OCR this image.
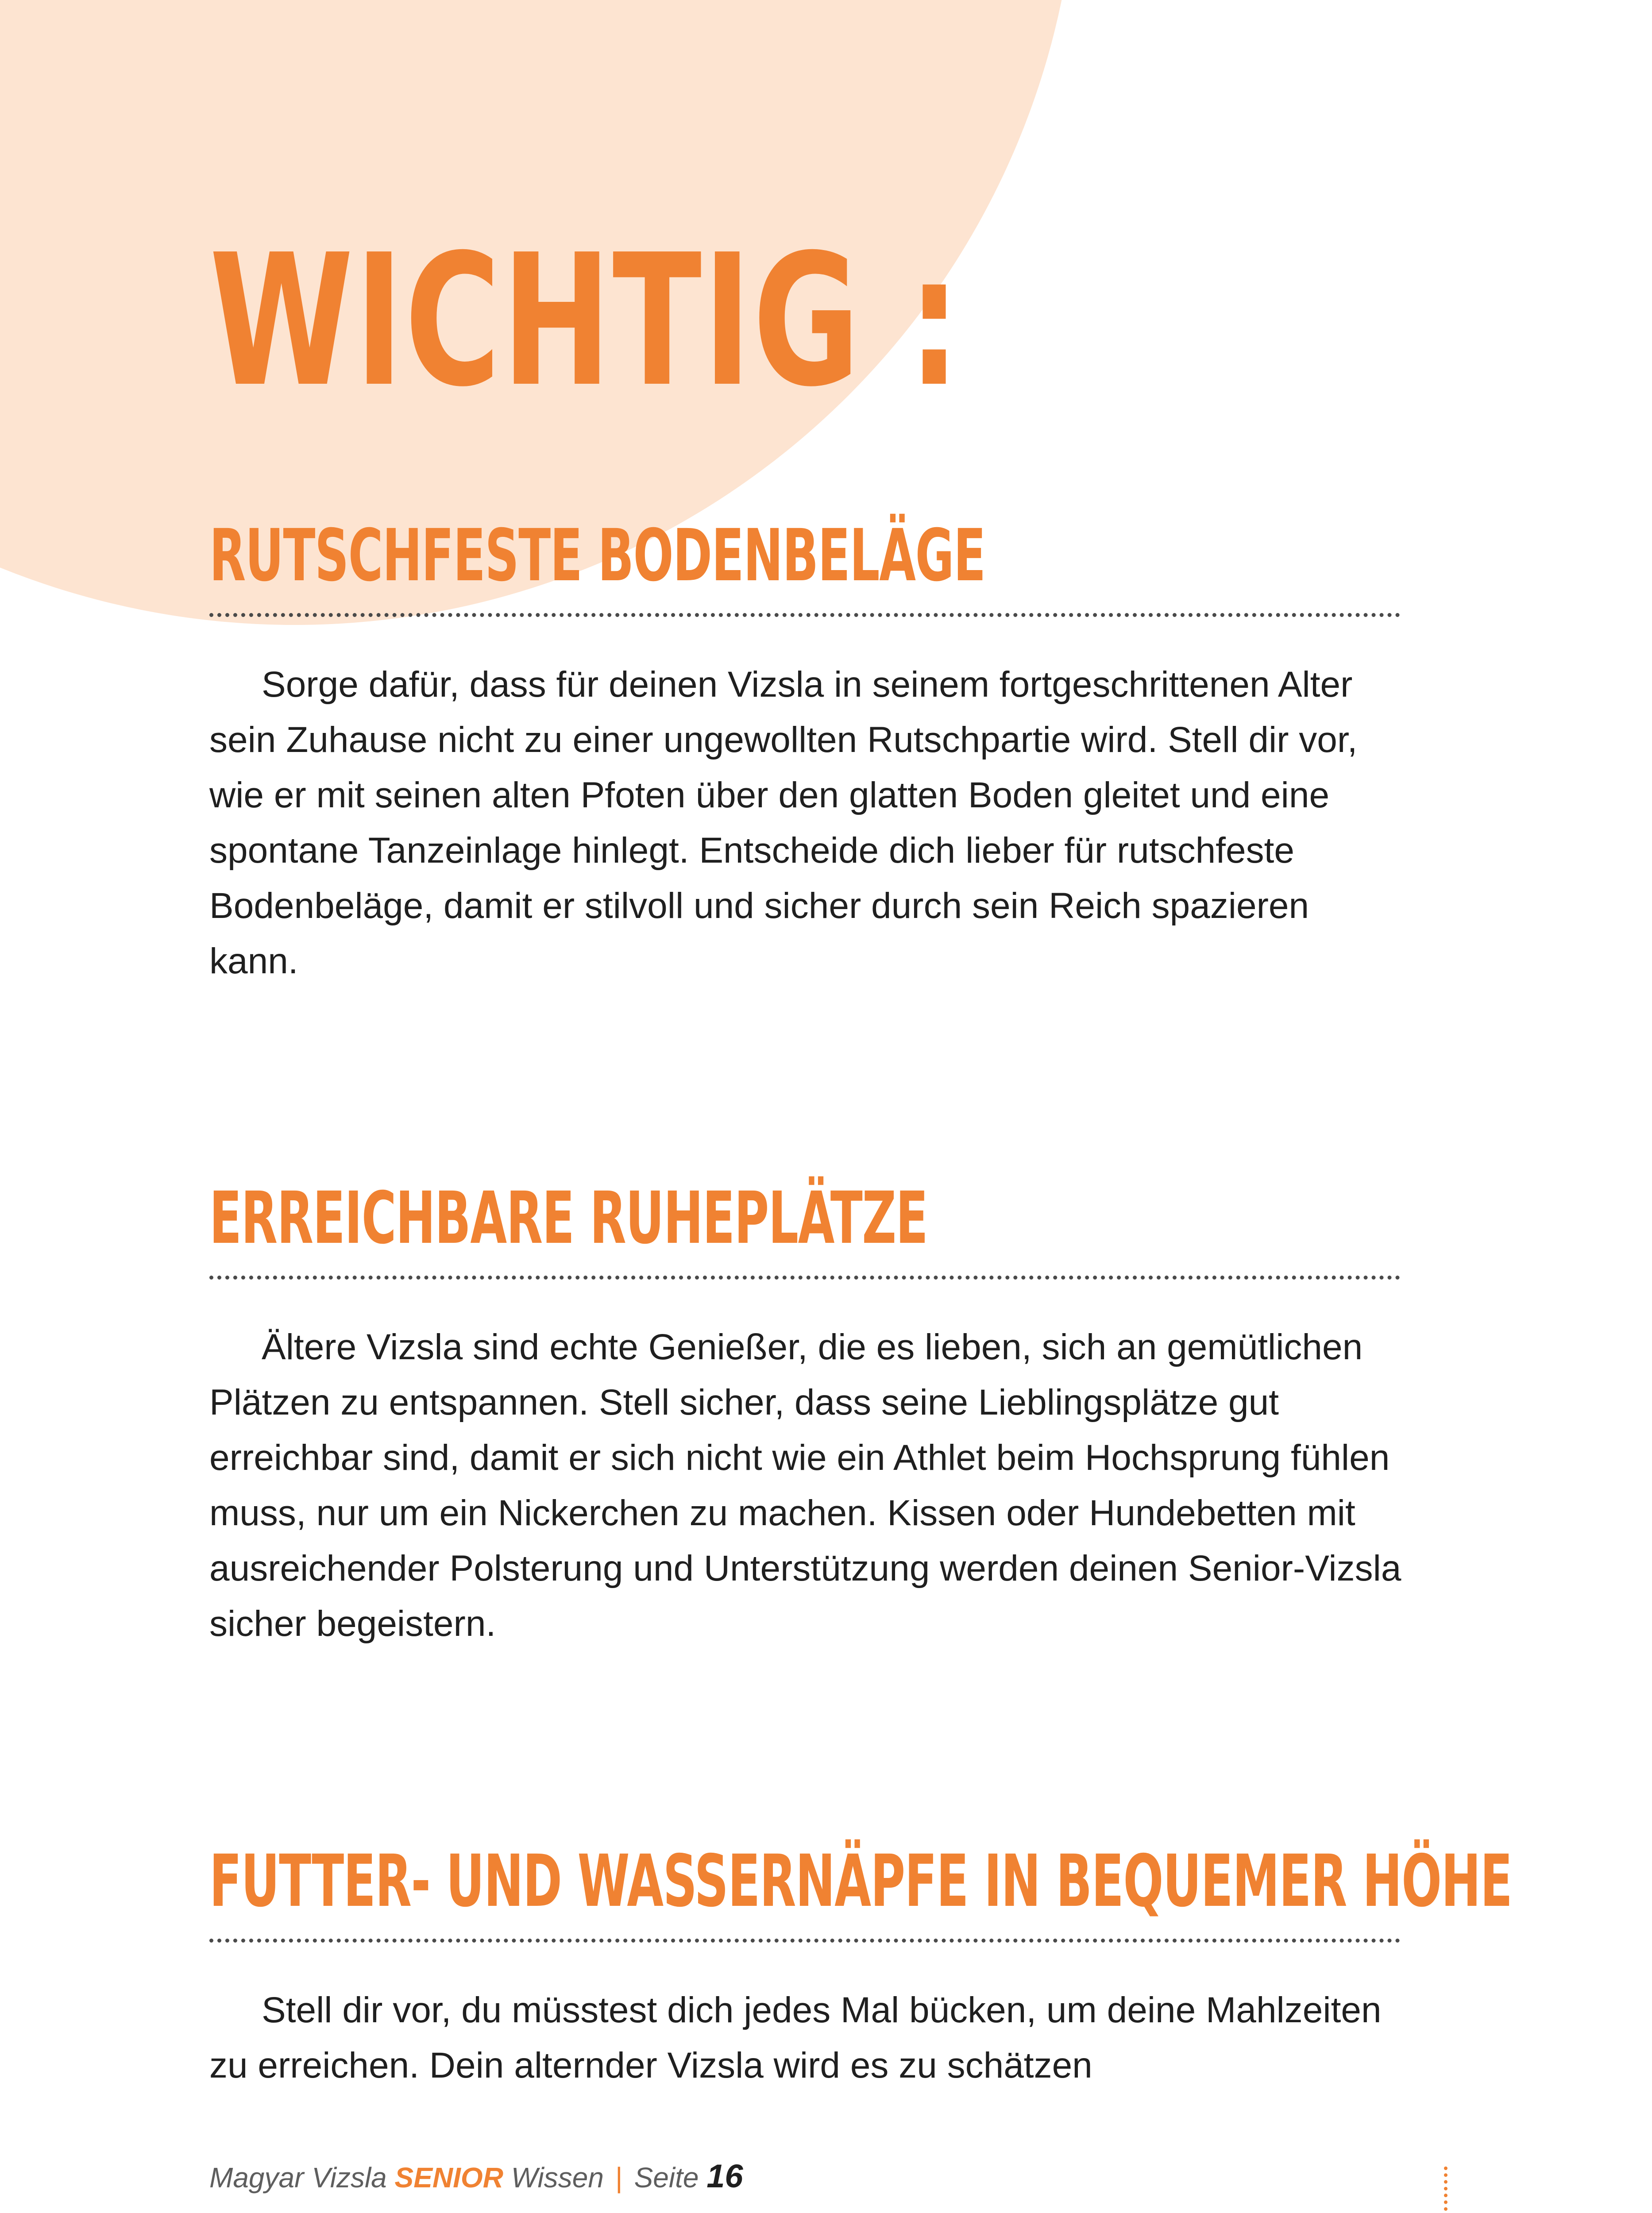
WICHTIG :
RUTSCHFESTE BODENBELÄGE

Sorge dafür, dass für deinen Vizsla in seinem fortgeschrittenen Alter sein Zuhause nicht zu einer ungewollten Rutschpartie wird. Stell dir vor, wie er mit seinen alten Pfoten über den glatten Boden gleitet und eine spontane Tanzeinlage hinlegt. Entscheide dich lieber für rutschfeste Bodenbeläge, damit er stilvoll und sicher durch sein Reich spazieren kann.

ERREICHBARE RUHEPLÄTZE

Ältere Vizsla sind echte Genießer, die es lieben, sich an gemütlichen Plätzen zu entspannen. Stell sicher, dass seine Lieblingsplätze gut erreichbar sind, damit er sich nicht wie ein Athlet beim Hochsprung fühlen muss, nur um ein Nickerchen zu machen. Kissen oder Hundebetten mit ausreichender Polsterung und Unterstützung werden deinen Senior-Vizsla sicher begeistern.

FUTTER- UND WASSERNÄPFE IN BEQUEMER HÖHE

Stell dir vor, du müsstest dich jedes Mal bücken, um deine Mahlzeiten zu erreichen. Dein alternder Vizsla wird es zu schätzen

Magyar Vizsla SENIOR Wissen | Seite 16
